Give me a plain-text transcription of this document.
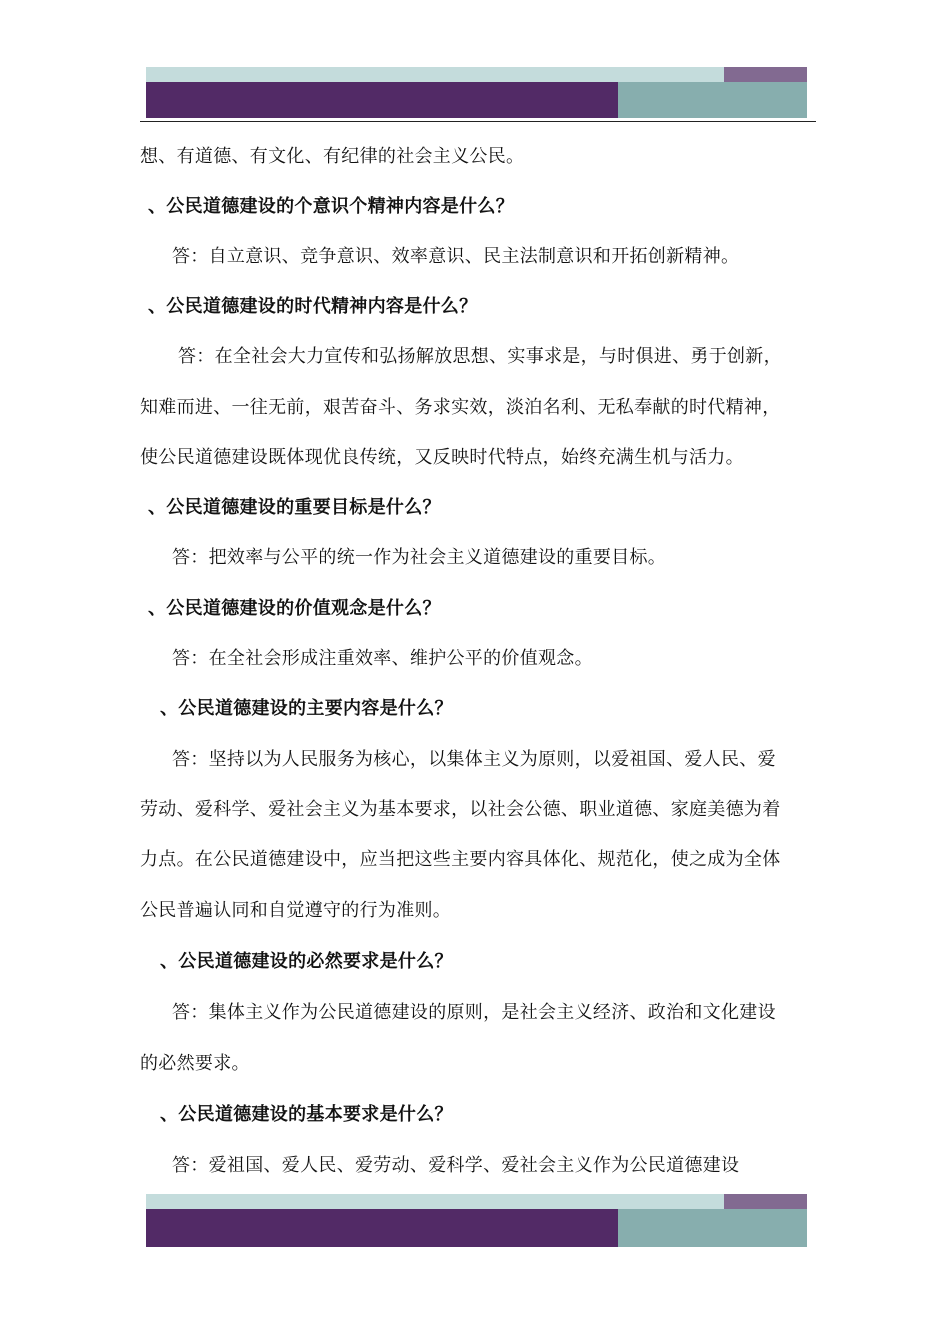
想、有道德、有文化、有纪律的社会主义公民。
、公民道德建设的个意识个精神内容是什么？
答：自立意识、竞争意识、效率意识、民主法制意识和开拓创新精神。
、公民道德建设的时代精神内容是什么？
答：在全社会大力宣传和弘扬解放思想、实事求是，与时俱进、勇于创新，
知难而进、一往无前，艰苦奋斗、务求实效，淡泊名利、无私奉献的时代精神，
使公民道德建设既体现优良传统，又反映时代特点，始终充满生机与活力。
、公民道德建设的重要目标是什么？
答：把效率与公平的统一作为社会主义道德建设的重要目标。
、公民道德建设的价值观念是什么？
答：在全社会形成注重效率、维护公平的价值观念。
、公民道德建设的主要内容是什么？
答：坚持以为人民服务为核心，以集体主义为原则，以爱祖国、爱人民、爱
劳动、爱科学、爱社会主义为基本要求，以社会公德、职业道德、家庭美德为着
力点。在公民道德建设中，应当把这些主要内容具体化、规范化，使之成为全体
公民普遍认同和自觉遵守的行为准则。
、公民道德建设的必然要求是什么？
答：集体主义作为公民道德建设的原则，是社会主义经济、政治和文化建设
的必然要求。
、公民道德建设的基本要求是什么？
答：爱祖国、爱人民、爱劳动、爱科学、爱社会主义作为公民道德建设
